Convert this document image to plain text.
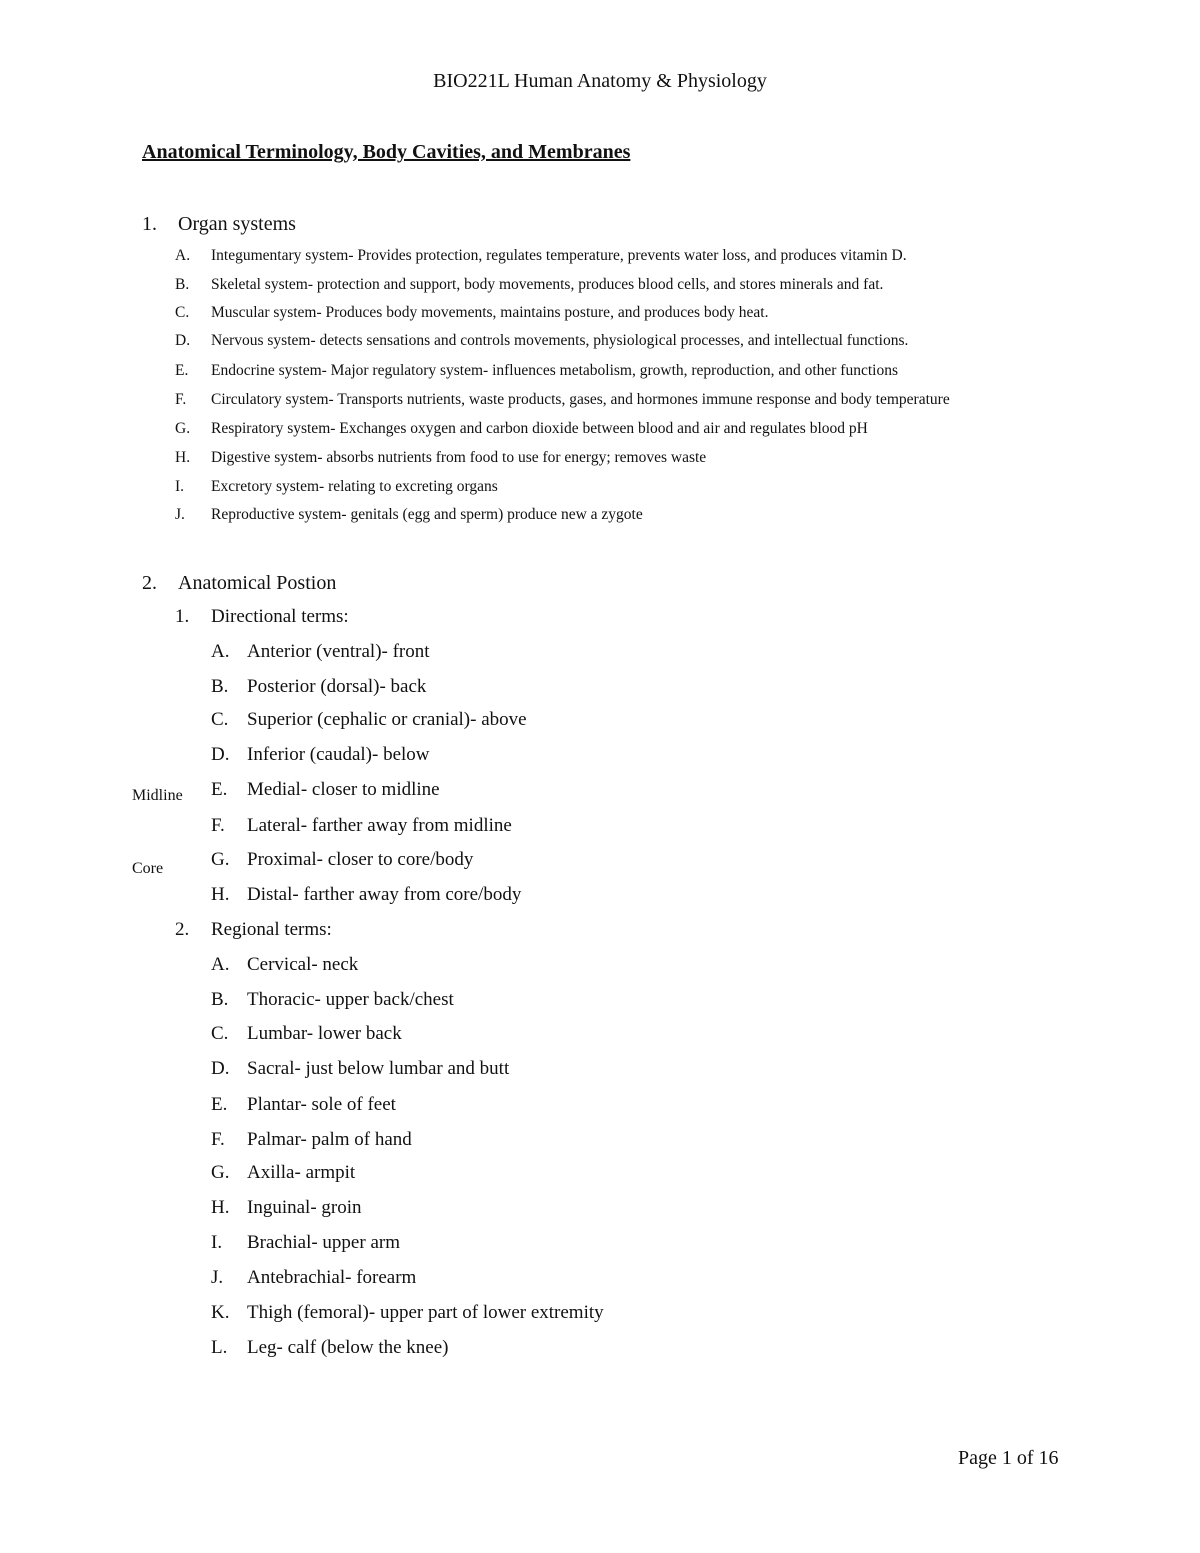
BIO221L Human Anatomy & Physiology
Anatomical Terminology, Body Cavities, and Membranes
1. Organ systems
A. Integumentary system- Provides protection, regulates temperature, prevents water loss, and produces vitamin D.
B. Skeletal system- protection and support, body movements, produces blood cells, and stores minerals and fat.
C. Muscular system- Produces body movements, maintains posture, and produces body heat.
D. Nervous system- detects sensations and controls movements, physiological processes, and intellectual functions.
E. Endocrine system- Major regulatory system- influences metabolism, growth, reproduction, and other functions
F. Circulatory system- Transports nutrients, waste products, gases, and hormones immune response and body temperature
G. Respiratory system- Exchanges oxygen and carbon dioxide between blood and air and regulates blood pH
H. Digestive system- absorbs nutrients from food to use for energy; removes waste
I. Excretory system- relating to excreting organs
J. Reproductive system- genitals (egg and sperm) produce new a zygote
2. Anatomical Postion
1. Directional terms:
A. Anterior (ventral)- front
B. Posterior (dorsal)- back
C. Superior (cephalic or cranial)- above
D. Inferior (caudal)- below
E. Medial- closer to midline
F. Lateral- farther away from midline
G. Proximal- closer to core/body
H. Distal- farther away from core/body
Midline
Core
2. Regional terms:
A. Cervical- neck
B. Thoracic- upper back/chest
C. Lumbar- lower back
D. Sacral- just below lumbar and butt
E. Plantar- sole of feet
F. Palmar- palm of hand
G. Axilla- armpit
H. Inguinal- groin
I. Brachial- upper arm
J. Antebrachial- forearm
K. Thigh (femoral)- upper part of lower extremity
L. Leg- calf (below the knee)
Page 1 of 16
